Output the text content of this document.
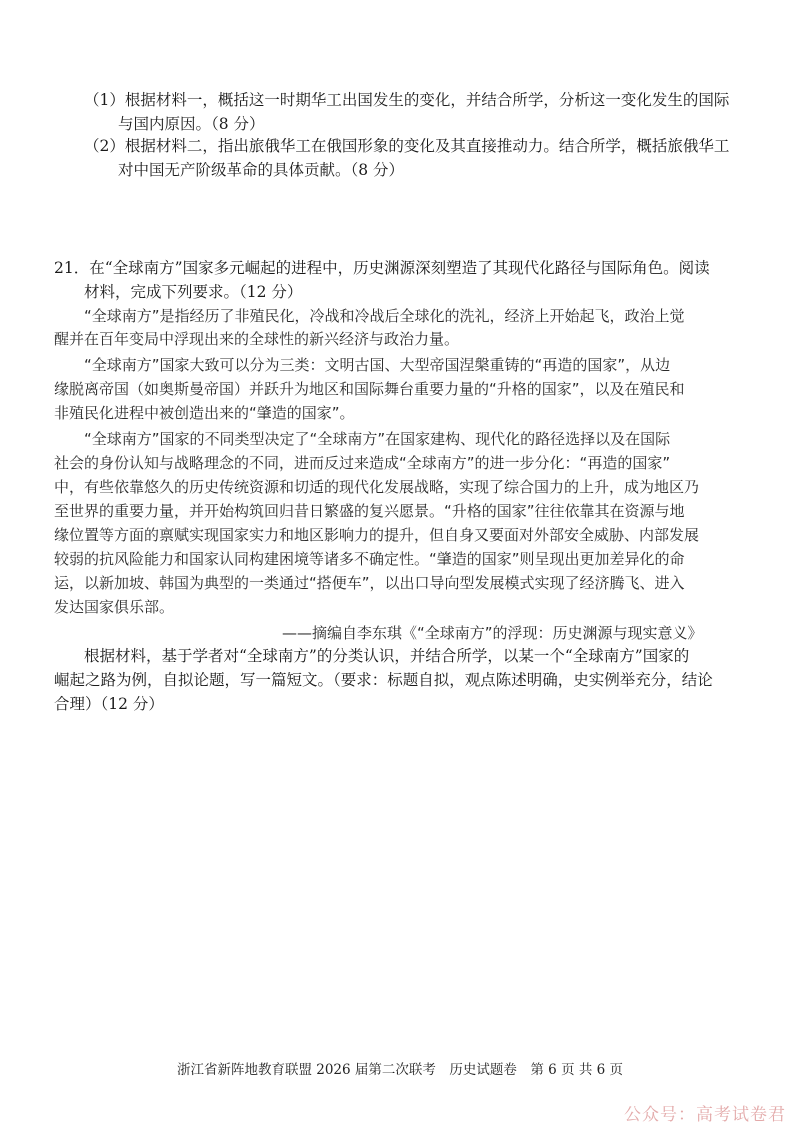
（1）根据材料一，概括这一时期华工出国发生的变化，并结合所学，分析这一变化发生的国际
与国内原因。（8 分）
（2）根据材料二，指出旅俄华工在俄国形象的变化及其直接推动力。结合所学，概括旅俄华工
对中国无产阶级革命的具体贡献。（8 分）
21．在“全球南方”国家多元崛起的进程中，历史渊源深刻塑造了其现代化路径与国际角色。阅读
材料，完成下列要求。（12 分）
“全球南方”是指经历了非殖民化，冷战和冷战后全球化的洗礼，经济上开始起飞，政治上觉
醒并在百年变局中浮现出来的全球性的新兴经济与政治力量。
“全球南方”国家大致可以分为三类：文明古国、大型帝国涅槃重铸的“再造的国家”，从边
缘脱离帝国（如奥斯曼帝国）并跃升为地区和国际舞台重要力量的“升格的国家”，以及在殖民和
非殖民化进程中被创造出来的“肇造的国家”。
“全球南方”国家的不同类型决定了“全球南方”在国家建构、现代化的路径选择以及在国际
社会的身份认知与战略理念的不同，进而反过来造成“全球南方”的进一步分化：“再造的国家”
中，有些依靠悠久的历史传统资源和切适的现代化发展战略，实现了综合国力的上升，成为地区乃
至世界的重要力量，并开始构筑回归昔日繁盛的复兴愿景。“升格的国家”往往依靠其在资源与地
缘位置等方面的禀赋实现国家实力和地区影响力的提升，但自身又要面对外部安全威胁、内部发展
较弱的抗风险能力和国家认同构建困境等诸多不确定性。“肇造的国家”则呈现出更加差异化的命
运，以新加坡、韩国为典型的一类通过“搭便车”，以出口导向型发展模式实现了经济腾飞、进入
发达国家俱乐部。
——摘编自李东琪《“全球南方”的浮现：历史渊源与现实意义》
根据材料，基于学者对“全球南方”的分类认识，并结合所学，以某一个“全球南方”国家的
崛起之路为例，自拟论题，写一篇短文。（要求：标题自拟，观点陈述明确，史实例举充分，结论
合理）（12 分）
浙江省新阵地教育联盟 2026 届第二次联考　历史试题卷　第 6 页 共 6 页
公众号：高考试卷君
